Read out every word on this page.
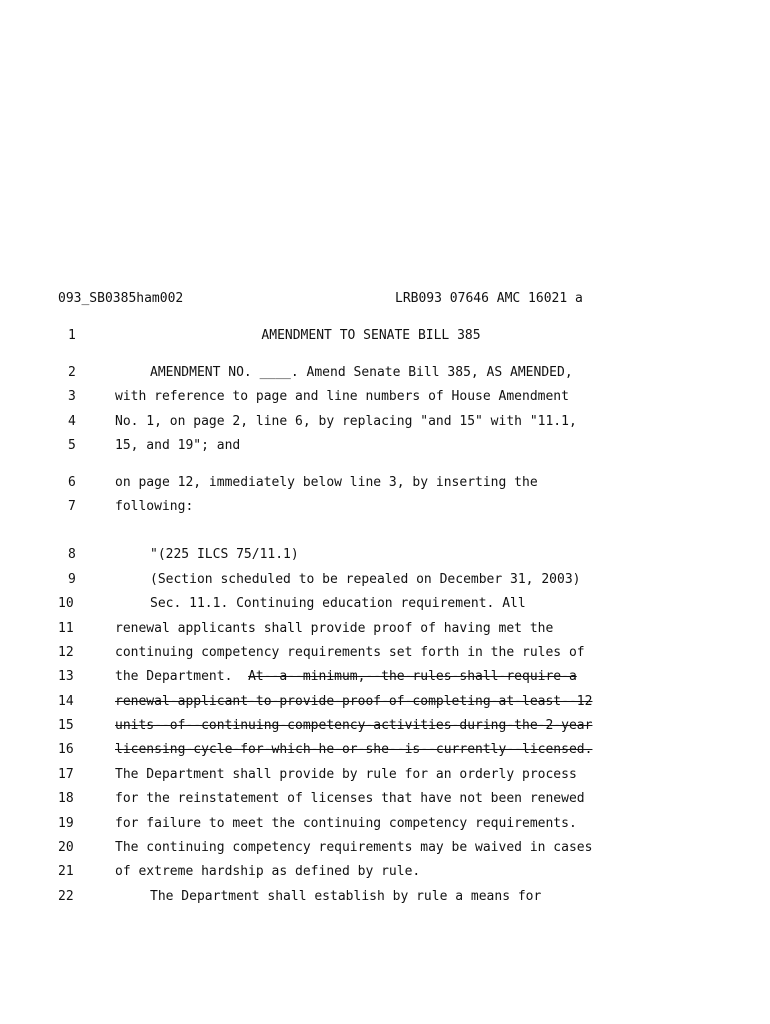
093_SB0385ham002	LRB093 07646 AMC 16021 a
1	AMENDMENT TO SENATE BILL 385
2	AMENDMENT NO. ____. Amend Senate Bill 385, AS AMENDED,
3	with reference to page and line numbers of House Amendment
4	No. 1, on page 2, line 6, by replacing "and 15" with "11.1,
5	15, and 19"; and
6	on page 12, immediately below line 3, by inserting the
7	following:
8	"(225 ILCS 75/11.1)
9	(Section scheduled to be repealed on December 31, 2003)
10	Sec. 11.1. Continuing education requirement. All
11	renewal applicants shall provide proof of having met the
12	continuing competency requirements set forth in the rules of
13	the Department. At--a--minimum,--the-rules-shall-require-a
14	renewal-applicant-to-provide-proof-of-completing-at-least--12
15	units--of--continuing-competency-activities-during-the-2-year
16	licensing-cycle-for-which-he-or-she--is--currently--licensed.
17	The Department shall provide by rule for an orderly process
18	for the reinstatement of licenses that have not been renewed
19	for failure to meet the continuing competency requirements.
20	The continuing competency requirements may be waived in cases
21	of extreme hardship as defined by rule.
22	The Department shall establish by rule a means for
